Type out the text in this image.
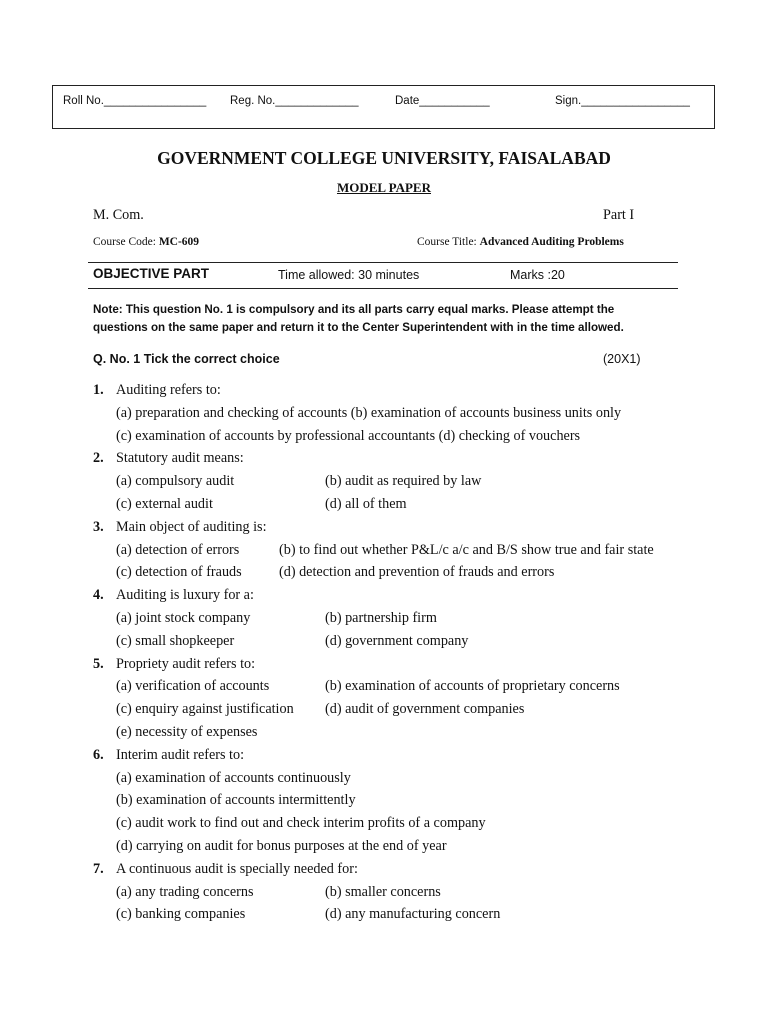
Roll No.________________ Reg. No._____________	Date___________	Sign._________________
GOVERNMENT COLLEGE UNIVERSITY, FAISALABAD
MODEL PAPER
M. Com.	Part I
Course Code: MC-609	Course Title: Advanced Auditing Problems
OBJECTIVE PART	Time allowed: 30 minutes	Marks :20
Note: This question No. 1 is compulsory and its all parts carry equal marks. Please attempt the
questions on the same paper and return it to the Center Superintendent with in the time allowed.
Q. No. 1 Tick the correct choice	(20X1)
1. Auditing refers to:
(a) preparation and checking of accounts (b) examination of accounts business units only
(c) examination of accounts by professional accountants (d) checking of vouchers
2. Statutory audit means:
(a) compulsory audit	(b) audit as required by law
(c) external audit	(d) all of them
3. Main object of auditing is:
(a) detection of errors	(b) to find out whether P&L/c a/c and B/S show true and fair state
(c) detection of frauds	(d) detection and prevention of frauds and errors
4. Auditing is luxury for a:
(a) joint stock company	(b) partnership firm
(c) small shopkeeper	(d) government company
5. Propriety audit refers to:
(a) verification of accounts	(b) examination of accounts of proprietary concerns
(c) enquiry against justification (d) audit of government companies
(e) necessity of expenses
6. Interim audit refers to:
(a) examination of accounts continuously
(b) examination of accounts intermittently
(c) audit work to find out and check interim profits of a company
(d) carrying on audit for bonus purposes at the end of year
7. A continuous audit is specially needed for:
(a) any trading concerns	(b) smaller concerns
(c) banking companies	(d) any manufacturing concern
